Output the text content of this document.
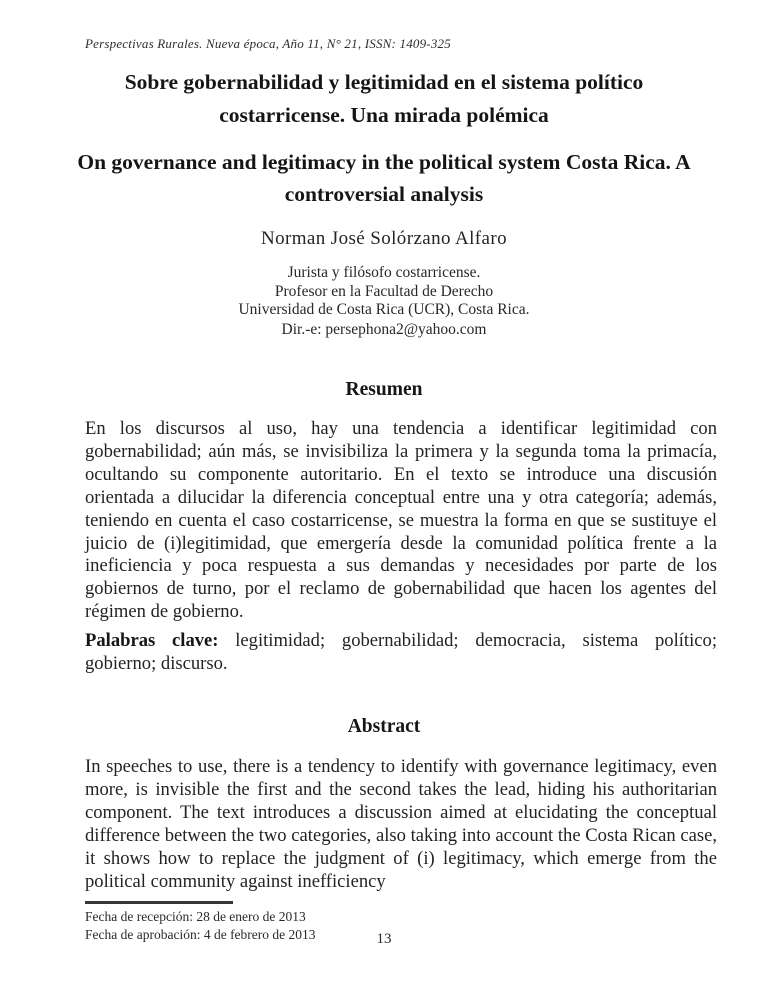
Perspectivas Rurales. Nueva época, Año 11, N° 21, ISSN: 1409-325
Sobre gobernabilidad y legitimidad en el sistema político costarricense. Una mirada polémica
On governance and legitimacy in the political system Costa Rica. A controversial analysis
Norman José Solórzano Alfaro
Jurista y filósofo costarricense.
Profesor en la Facultad de Derecho
Universidad de Costa Rica (UCR), Costa Rica.
Dir.-e: persephona2@yahoo.com
Resumen

En los discursos al uso, hay una tendencia a identificar legitimidad con gobernabilidad; aún más, se invisibiliza la primera y la segunda toma la primacía, ocultando su componente autoritario. En el texto se introduce una discusión orientada a dilucidar la diferencia conceptual entre una y otra categoría; además, teniendo en cuenta el caso costarricense, se muestra la forma en que se sustituye el juicio de (i)legitimidad, que emergería desde la comunidad política frente a la ineficiencia y poca respuesta a sus demandas y necesidades por parte de los gobiernos de turno, por el reclamo de gobernabilidad que hacen los agentes del régimen de gobierno.

Palabras clave: legitimidad; gobernabilidad; democracia, sistema político; gobierno; discurso.

Abstract

In speeches to use, there is a tendency to identify with governance legitimacy, even more, is invisible the first and the second takes the lead, hiding his authoritarian component. The text introduces a discussion aimed at elucidating the conceptual difference between the two categories, also taking into account the Costa Rican case, it shows how to replace the judgment of (i) legitimacy, which emerge from the political community against inefficiency

Fecha de recepción: 28 de enero de 2013
Fecha de aprobación: 4 de febrero de 2013	13
